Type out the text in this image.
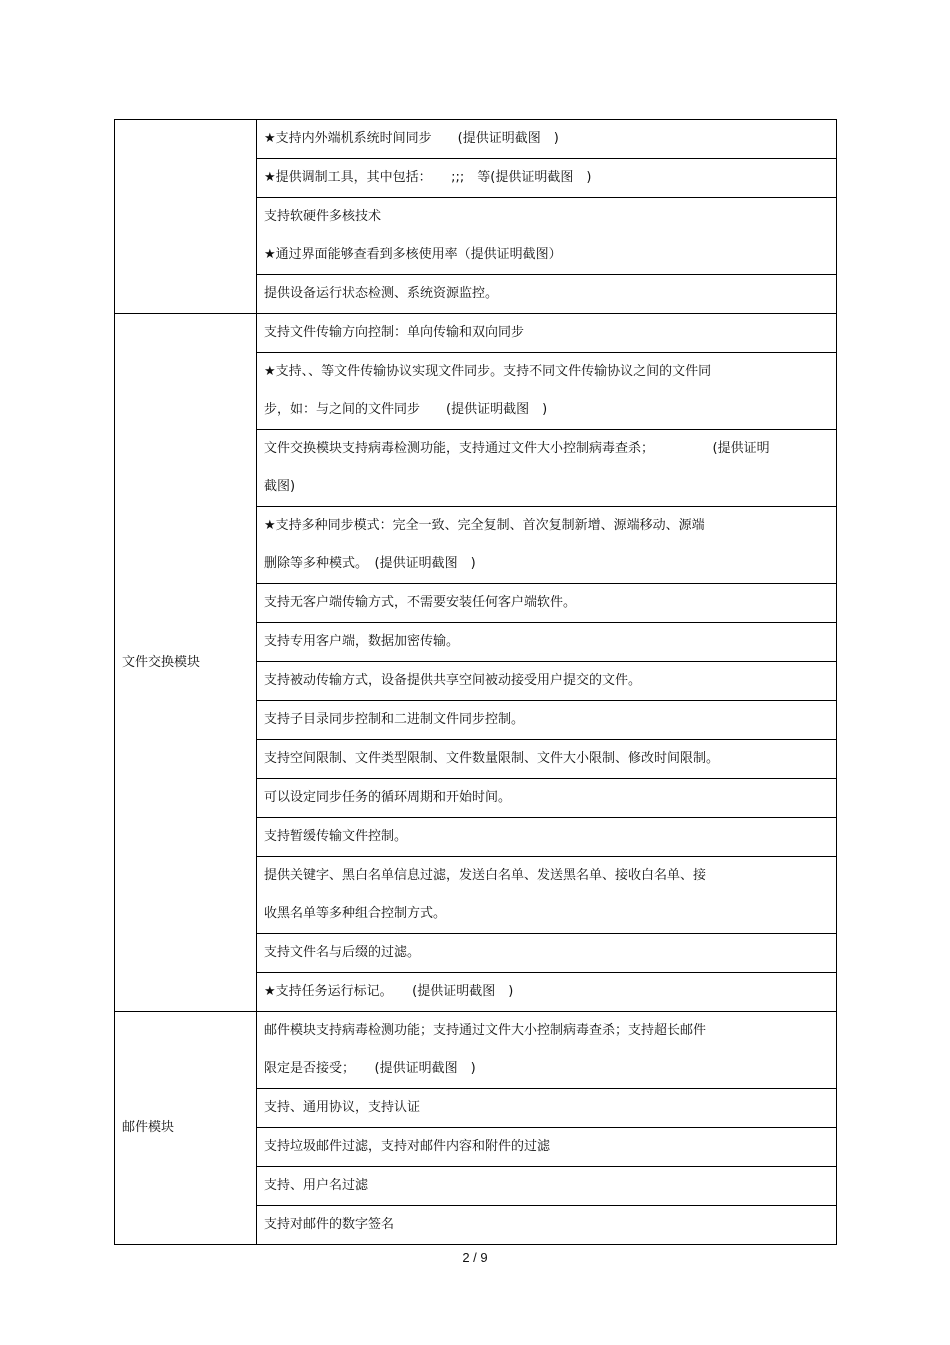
	★支持内外端机系统时间同步　　(提供证明截图　)

	★提供调制工具，其中包括：　　;;;　等(提供证明截图　)

	支持软硬件多核技术
★通过界面能够查看到多核使用率（提供证明截图）

	提供设备运行状态检测、系统资源监控。

文件交换模块	支持文件传输方向控制：单向传输和双向同步

	★支持、、等文件传输协议实现文件同步。支持不同文件传输协议之间的文件同
步，如：与之间的文件同步　　(提供证明截图　)

	文件交换模块支持病毒检测功能，支持通过文件大小控制病毒查杀；　　　　　(提供证明
截图)

	★支持多种同步模式：完全一致、完全复制、首次复制新增、源端移动、源端
删除等多种模式。　(提供证明截图　)

	支持无客户端传输方式，不需要安装任何客户端软件。

	支持专用客户端，数据加密传输。

	支持被动传输方式，设备提供共享空间被动接受用户提交的文件。

	支持子目录同步控制和二进制文件同步控制。

	支持空间限制、文件类型限制、文件数量限制、文件大小限制、修改时间限制。

	可以设定同步任务的循环周期和开始时间。

	支持暂缓传输文件控制。

	提供关键字、黑白名单信息过滤，发送白名单、发送黑名单、接收白名单、接
收黑名单等多种组合控制方式。

	支持文件名与后缀的过滤。

	★支持任务运行标记。　　(提供证明截图　)

邮件模块	邮件模块支持病毒检测功能；支持通过文件大小控制病毒查杀；支持超长邮件
限定是否接受；　　(提供证明截图　)

	支持、通用协议，支持认证

	支持垃圾邮件过滤，支持对邮件内容和附件的过滤

	支持、用户名过滤

	支持对邮件的数字签名
2 / 9
